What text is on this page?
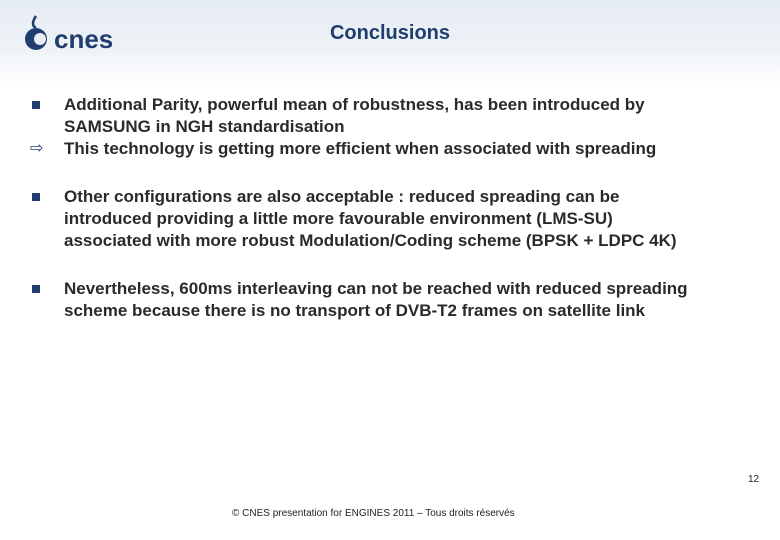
cnes	Conclusions
Additional Parity, powerful mean of robustness, has been introduced by
SAMSUNG in NGH standardisation
⇨ This technology is getting more efficient when associated with spreading
Other configurations are also acceptable : reduced spreading can be
introduced providing a little more favourable environment (LMS-SU)
associated with more robust Modulation/Coding scheme (BPSK + LDPC 4K)
Nevertheless, 600ms interleaving can not be reached with reduced spreading
scheme because there is no transport of DVB-T2 frames on satellite link
12
© CNES presentation for ENGINES 2011 – Tous droits réservés
